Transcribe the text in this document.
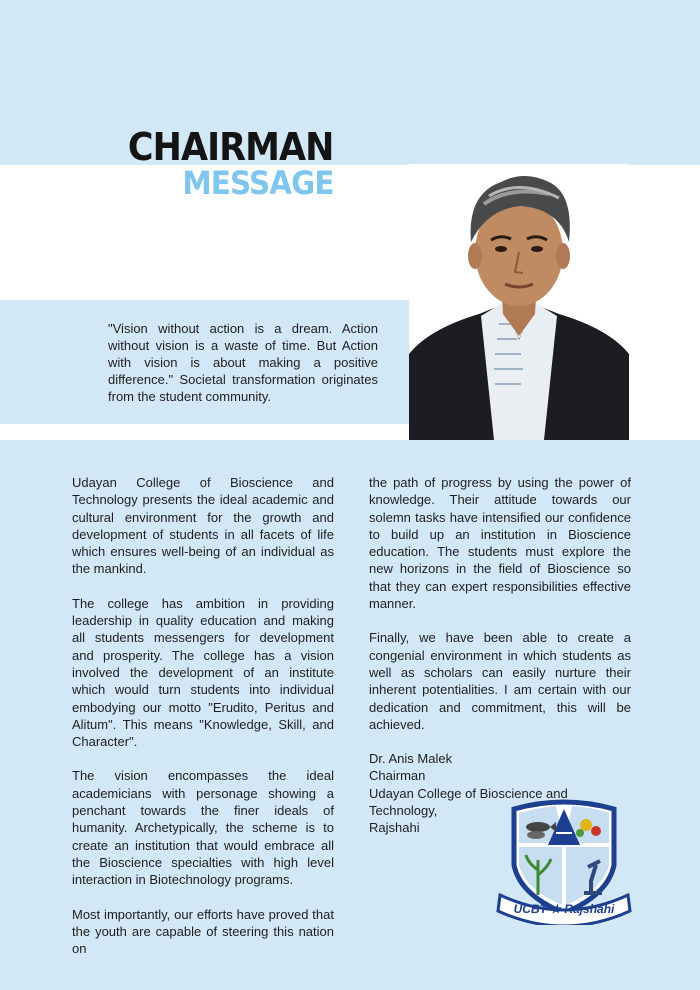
CHAIRMAN
MESSAGE
"Vision without action is a dream. Action without vision is a waste of time. But Action with vision is about making a positive difference." Societal transformation originates from the student community.

Udayan College of Bioscience and Technology presents the ideal academic and cultural environment for the growth and development of students in all facets of life which ensures well-being of an individual as the mankind.

The college has ambition in providing leadership in quality education and making all students messengers for development and prosperity. The college has a vision involved the development of an institute which would turn students into individual embodying our motto "Erudito, Peritus and Alitum". This means "Knowledge, Skill, and Character".

The vision encompasses the ideal academicians with personage showing a penchant towards the finer ideals of humanity. Archetypically, the scheme is to create an institution that would embrace all the Bioscience specialties with high level interaction in Biotechnology programs.

Most importantly, our efforts have proved that the youth are capable of steering this nation on

the path of progress by using the power of knowledge. Their attitude towards our solemn tasks have intensified our confidence to build up an institution in Bioscience education. The students must explore the new horizons in the field of Bioscience so that they can expert responsibilities effective manner.

Finally, we have been able to create a congenial environment in which students as well as scholars can easily nurture their inherent potentialities. I am certain with our dedication and commitment, this will be achieved.

Dr. Anis Malek
Chairman
Udayan College of Bioscience and Technology,
Rajshahi
UCBT ★ Rajshahi
